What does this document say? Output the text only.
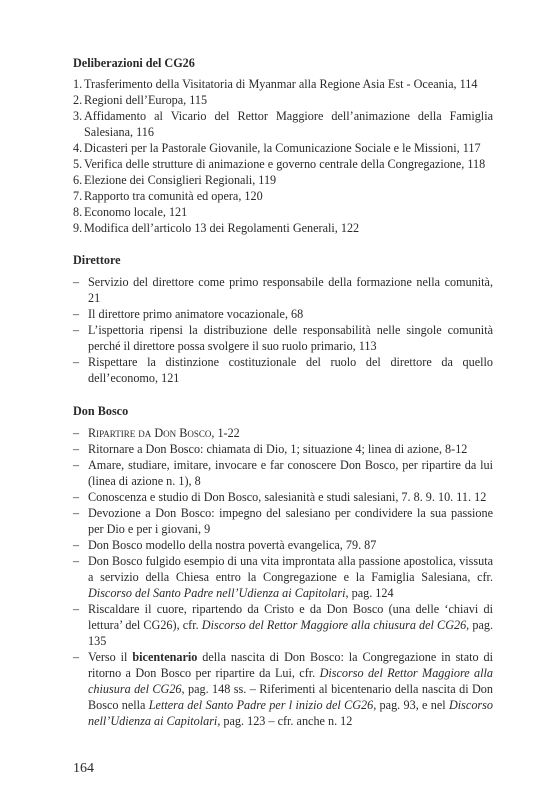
Deliberazioni del CG26
1. Trasferimento della Visitatoria di Myanmar alla Regione Asia Est - Oceania, 114
2. Regioni dell’Europa, 115
3. Affidamento al Vicario del Rettor Maggiore dell’animazione della Famiglia Salesiana, 116
4. Dicasteri per la Pastorale Giovanile, la Comunicazione Sociale e le Missioni, 117
5. Verifica delle strutture di animazione e governo centrale della Congregazione, 118
6. Elezione dei Consiglieri Regionali, 119
7. Rapporto tra comunità ed opera, 120
8. Economo locale, 121
9. Modifica dell’articolo 13 dei Regolamenti Generali, 122
Direttore
– Servizio del direttore come primo responsabile della formazione nella comunità, 21
– Il direttore primo animatore vocazionale, 68
– L’ispettoria ripensi la distribuzione delle responsabilità nelle singole comunità perché il direttore possa svolgere il suo ruolo primario, 113
– Rispettare la distinzione costituzionale del ruolo del direttore da quello dell’economo, 121
Don Bosco
– Ripartire da Don Bosco, 1-22
– Ritornare a Don Bosco: chiamata di Dio, 1; situazione 4; linea di azione, 8-12
– Amare, studiare, imitare, invocare e far conoscere Don Bosco, per ripartire da lui (linea di azione n. 1), 8
– Conoscenza e studio di Don Bosco, salesianità e studi salesiani, 7. 8. 9. 10. 11. 12
– Devozione a Don Bosco: impegno del salesiano per condividere la sua passione per Dio e per i giovani, 9
– Don Bosco modello della nostra povertà evangelica, 79. 87
– Don Bosco fulgido esempio di una vita improntata alla passione apostolica, vissuta a servizio della Chiesa entro la Congregazione e la Famiglia Salesiana, cfr. Discorso del Santo Padre nell’Udienza ai Capitolari, pag. 124
– Riscaldare il cuore, ripartendo da Cristo e da Don Bosco (una delle ‘chiavi di lettura’ del CG26), cfr. Discorso del Rettor Maggiore alla chiusura del CG26, pag. 135
– Verso il bicentenario della nascita di Don Bosco: la Congregazione in stato di ritorno a Don Bosco per ripartire da Lui, cfr. Discorso del Rettor Maggiore alla chiusura del CG26, pag. 148 ss. – Riferimenti al bicentenario della nascita di Don Bosco nella Lettera del Santo Padre per l inizio del CG26, pag. 93, e nel Discorso nell’Udienza ai Capitolari, pag. 123 – cfr. anche n. 12

164
